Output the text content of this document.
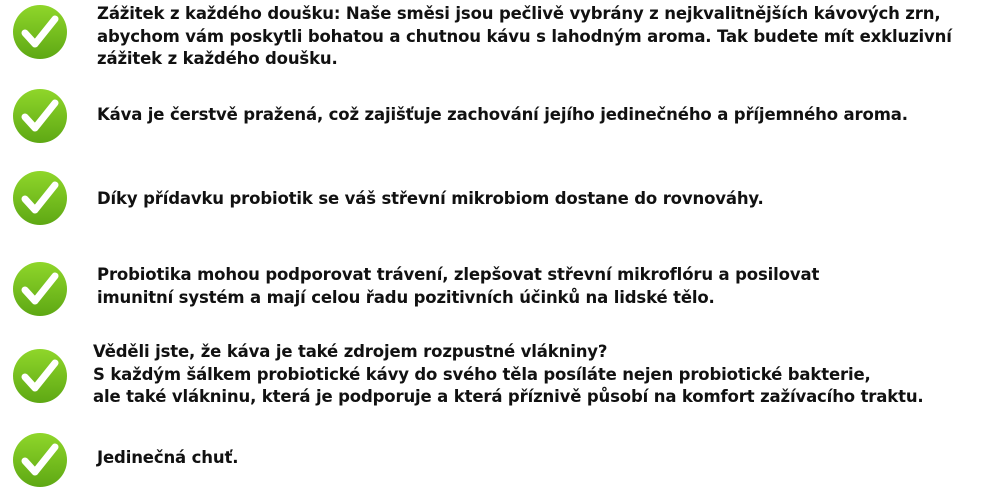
Zážitek z každého doušku: Naše směsi jsou pečlivě vybrány z nejkvalitnějších kávových zrn,
abychom vám poskytli bohatou a chutnou kávu s lahodným aroma. Tak budete mít exkluzivní
zážitek z každého doušku.
Káva je čerstvě pražená, což zajišťuje zachování jejího jedinečného a příjemného aroma.
Díky přídavku probiotik se váš střevní mikrobiom dostane do rovnováhy.
Probiotika mohou podporovat trávení, zlepšovat střevní mikroflóru a posilovat
imunitní systém a mají celou řadu pozitivních účinků na lidské tělo.
Věděli jste, že káva je také zdrojem rozpustné vlákniny?
S každým šálkem probiotické kávy do svého těla posíláte nejen probiotické bakterie,
ale také vlákninu, která je podporuje a která příznivě působí na komfort zažívacího traktu.
Jedinečná chuť.
